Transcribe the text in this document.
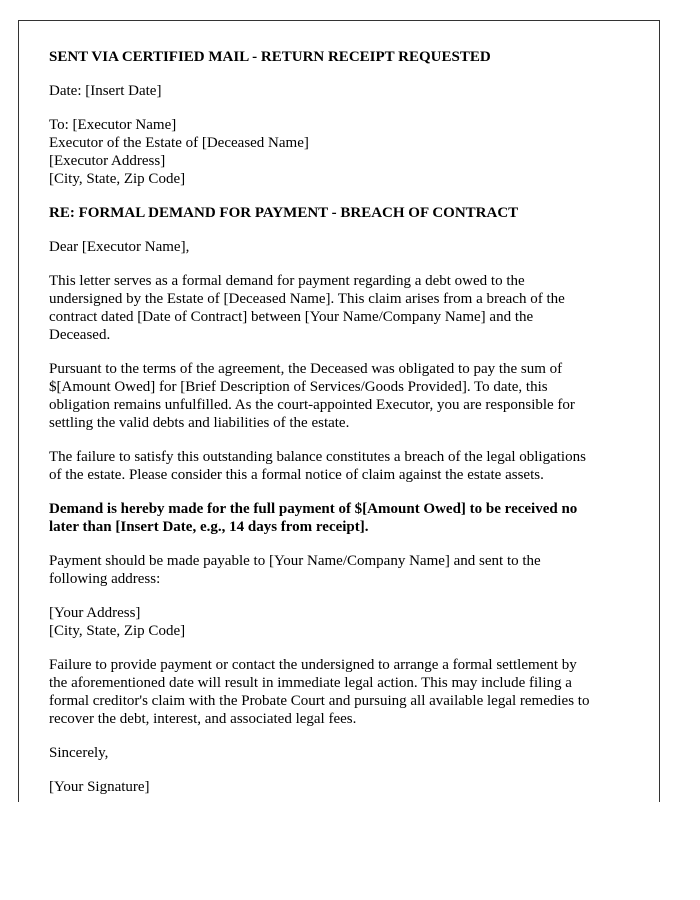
SENT VIA CERTIFIED MAIL - RETURN RECEIPT REQUESTED
Date: [Insert Date]
To: [Executor Name]
Executor of the Estate of [Deceased Name]
[Executor Address]
[City, State, Zip Code]
RE: FORMAL DEMAND FOR PAYMENT - BREACH OF CONTRACT
Dear [Executor Name],
This letter serves as a formal demand for payment regarding a debt owed to the
undersigned by the Estate of [Deceased Name]. This claim arises from a breach of the
contract dated [Date of Contract] between [Your Name/Company Name] and the
Deceased.
Pursuant to the terms of the agreement, the Deceased was obligated to pay the sum of
$[Amount Owed] for [Brief Description of Services/Goods Provided]. To date, this
obligation remains unfulfilled. As the court-appointed Executor, you are responsible for
settling the valid debts and liabilities of the estate.
The failure to satisfy this outstanding balance constitutes a breach of the legal obligations
of the estate. Please consider this a formal notice of claim against the estate assets.
Demand is hereby made for the full payment of $[Amount Owed] to be received no
later than [Insert Date, e.g., 14 days from receipt].
Payment should be made payable to [Your Name/Company Name] and sent to the
following address:
[Your Address]
[City, State, Zip Code]
Failure to provide payment or contact the undersigned to arrange a formal settlement by
the aforementioned date will result in immediate legal action. This may include filing a
formal creditor's claim with the Probate Court and pursuing all available legal remedies to
recover the debt, interest, and associated legal fees.
Sincerely,
[Your Signature]
